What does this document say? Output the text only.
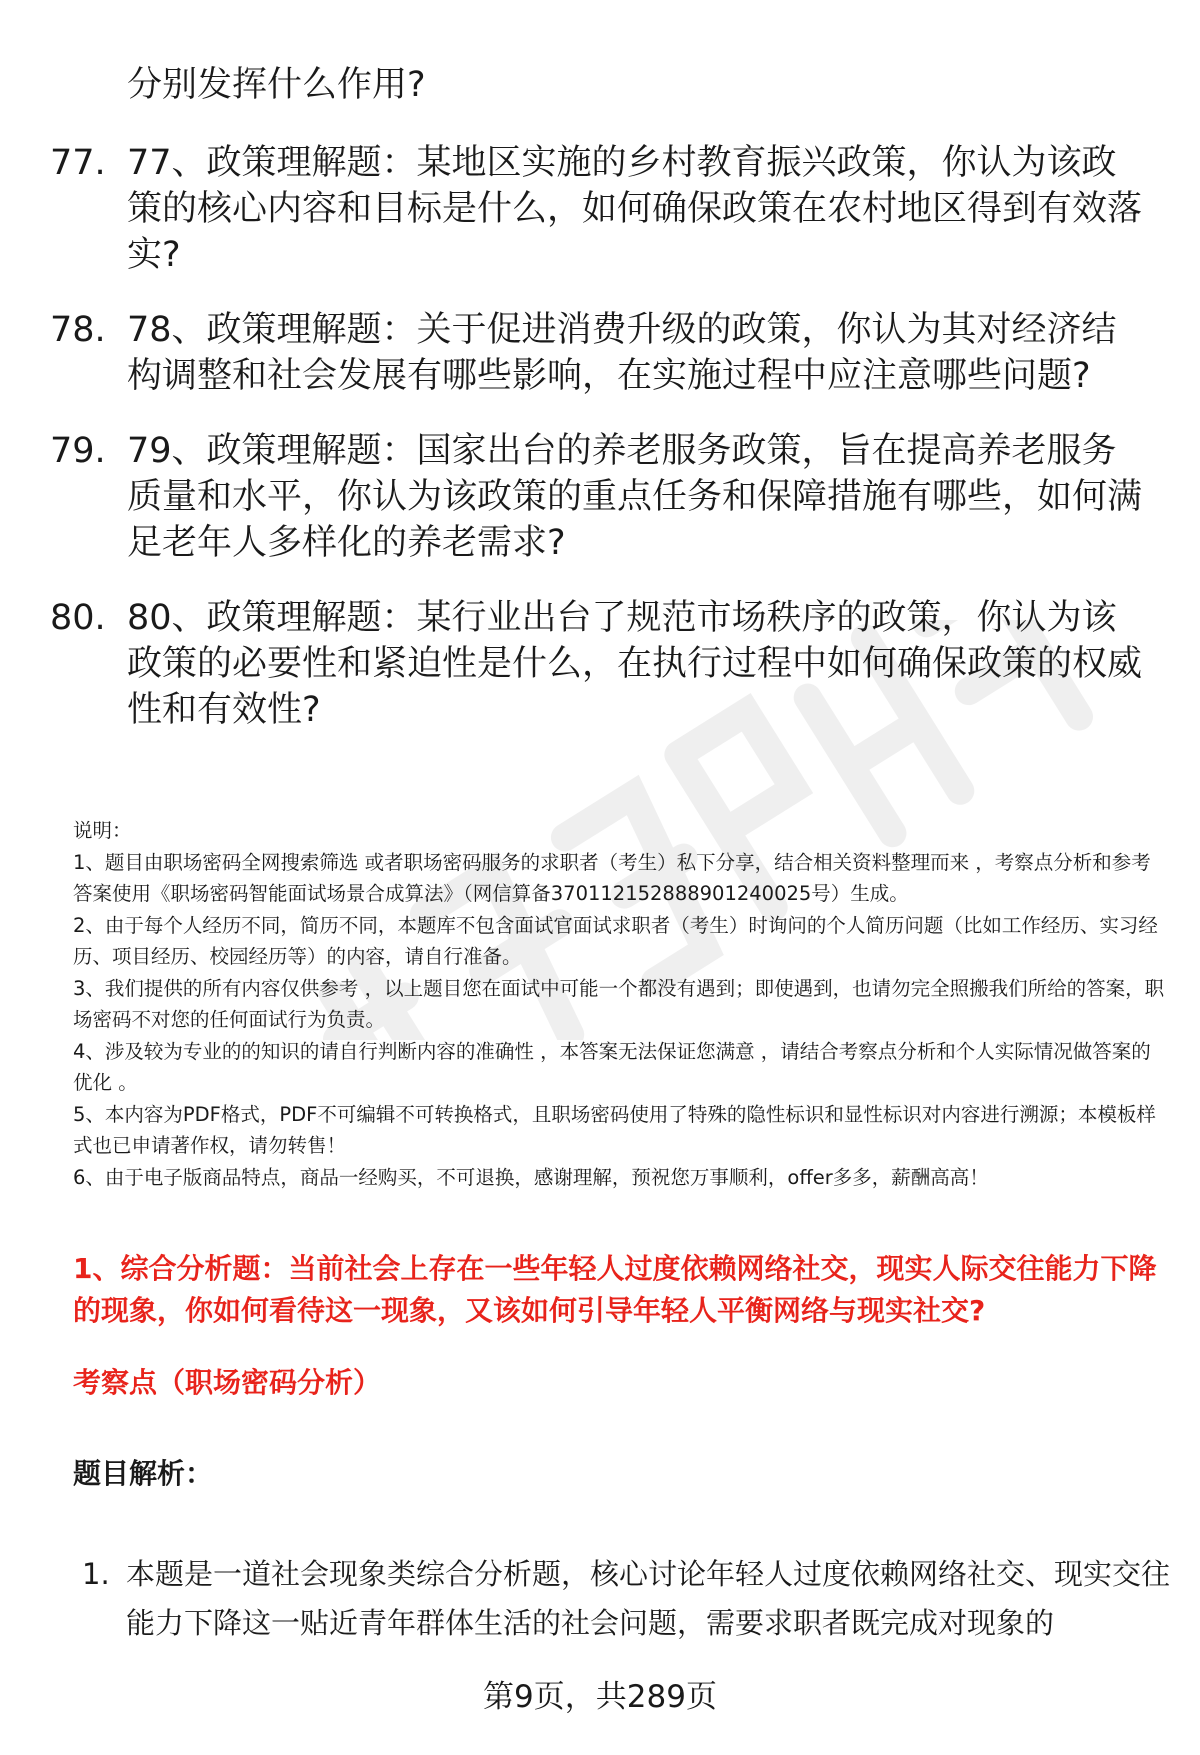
分别发挥什么作用?
77. 77、政策理解题：某地区实施的乡村教育振兴政策，你认为该政策的核心内容和目标是什么，如何确保政策在农村地区得到有效落实?
78. 78、政策理解题：关于促进消费升级的政策，你认为其对经济结构调整和社会发展有哪些影响，在实施过程中应注意哪些问题?
79. 79、政策理解题：国家出台的养老服务政策，旨在提高养老服务质量和水平，你认为该政策的重点任务和保障措施有哪些，如何满足老年人多样化的养老需求?
80. 80、政策理解题：某行业出台了规范市场秩序的政策，你认为该政策的必要性和紧迫性是什么，在执行过程中如何确保政策的权威性和有效性?

说明：

1、题目由职场密码全网搜索筛选 或者职场密码服务的求职者（考生）私下分享，结合相关资料整理而来 ，考察点分析和参考答案使用《职场密码智能面试场景合成算法》（网信算备370112152888901240025号）生成。

2、由于每个人经历不同，简历不同，本题库不包含面试官面试求职者（考生）时询问的个人简历问题（比如工作经历、实习经历、项目经历、校园经历等）的内容，请自行准备。

3、我们提供的所有内容仅供参考 ，以上题目您在面试中可能一个都没有遇到；即使遇到，也请勿完全照搬我们所给的答案，职场密码不对您的任何面试行为负责。

4、涉及较为专业的的知识的请自行判断内容的准确性 ，本答案无法保证您满意 ，请结合考察点分析和个人实际情况做答案的优化 。

5、本内容为PDF格式，PDF不可编辑不可转换格式，且职场密码使用了特殊的隐性标识和显性标识对内容进行溯源；本模板样式也已申请著作权，请勿转售！

6、由于电子版商品特点，商品一经购买，不可退换，感谢理解，预祝您万事顺利，offer多多，薪酬高高！

1、综合分析题：当前社会上存在一些年轻人过度依赖网络社交，现实人际交往能力下降的现象，你如何看待这一现象，又该如何引导年轻人平衡网络与现实社交?
考察点（职场密码分析）
题目解析：
1. 本题是一道社会现象类综合分析题，核心讨论年轻人过度依赖网络社交、现实交往能力下降这一贴近青年群体生活的社会问题，需要求职者既完成对现象的
第9页，共289页
